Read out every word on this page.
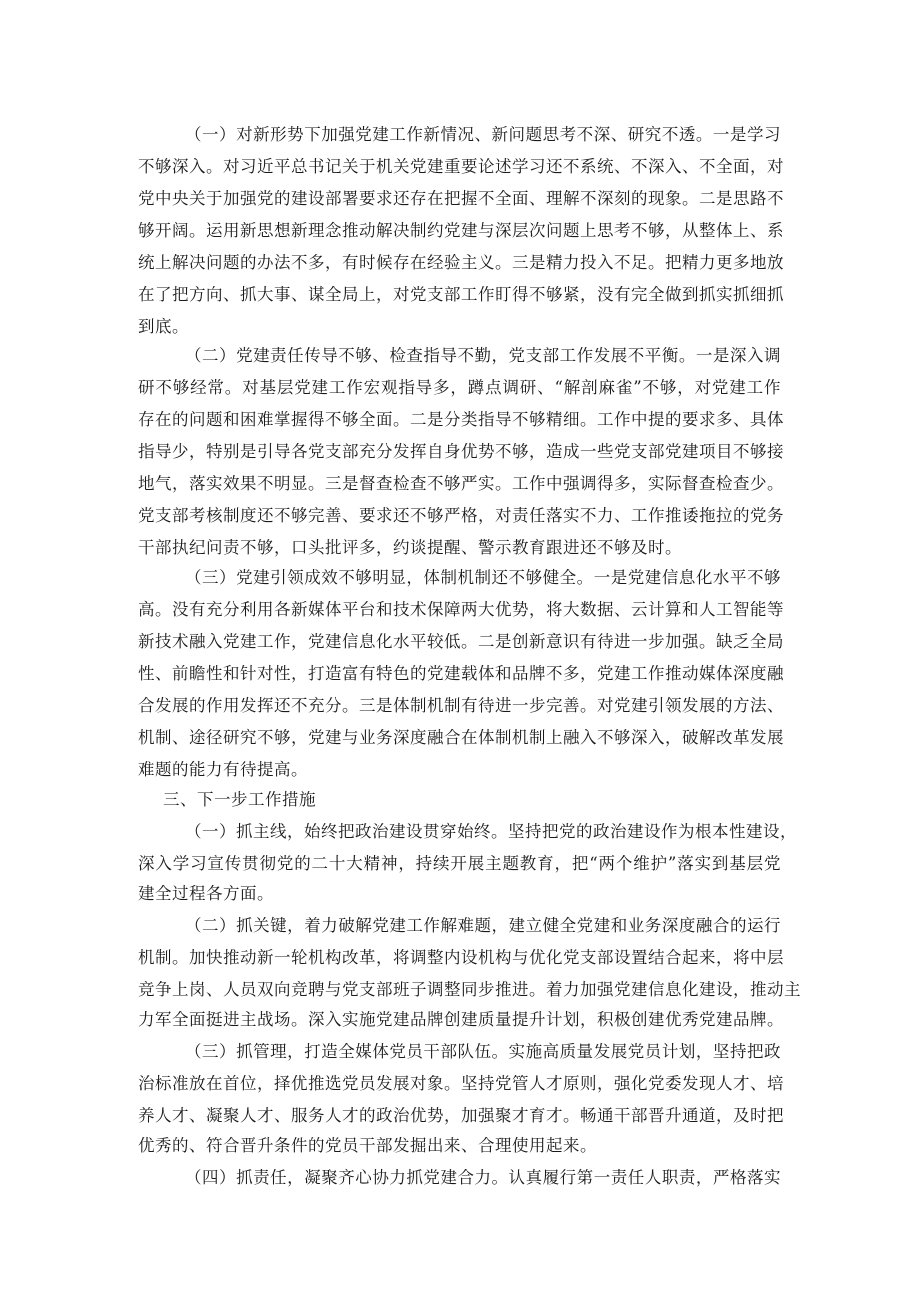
（一）对新形势下加强党建工作新情况、新问题思考不深、研究不透。一是学习

不够深入。对习近平总书记关于机关党建重要论述学习还不系统、不深入、不全面，对

党中央关于加强党的建设部署要求还存在把握不全面、理解不深刻的现象。二是思路不

够开阔。运用新思想新理念推动解决制约党建与深层次问题上思考不够，从整体上、系

统上解决问题的办法不多，有时候存在经验主义。三是精力投入不足。把精力更多地放

在了把方向、抓大事、谋全局上，对党支部工作盯得不够紧，没有完全做到抓实抓细抓

到底。

（二）党建责任传导不够、检查指导不勤，党支部工作发展不平衡。一是深入调

研不够经常。对基层党建工作宏观指导多，蹲点调研、“解剖麻雀”不够，对党建工作

存在的问题和困难掌握得不够全面。二是分类指导不够精细。工作中提的要求多、具体

指导少，特别是引导各党支部充分发挥自身优势不够，造成一些党支部党建项目不够接

地气，落实效果不明显。三是督查检查不够严实。工作中强调得多，实际督查检查少。

党支部考核制度还不够完善、要求还不够严格，对责任落实不力、工作推诿拖拉的党务

干部执纪问责不够，口头批评多，约谈提醒、警示教育跟进还不够及时。

（三）党建引领成效不够明显，体制机制还不够健全。一是党建信息化水平不够

高。没有充分利用各新媒体平台和技术保障两大优势，将大数据、云计算和人工智能等

新技术融入党建工作，党建信息化水平较低。二是创新意识有待进一步加强。缺乏全局

性、前瞻性和针对性，打造富有特色的党建载体和品牌不多，党建工作推动媒体深度融

合发展的作用发挥还不充分。三是体制机制有待进一步完善。对党建引领发展的方法、

机制、途径研究不够，党建与业务深度融合在体制机制上融入不够深入，破解改革发展

难题的能力有待提高。

三、下一步工作措施

（一）抓主线，始终把政治建设贯穿始终。坚持把党的政治建设作为根本性建设，

深入学习宣传贯彻党的二十大精神，持续开展主题教育，把“两个维护”落实到基层党

建全过程各方面。

（二）抓关键，着力破解党建工作解难题，建立健全党建和业务深度融合的运行

机制。加快推动新一轮机构改革，将调整内设机构与优化党支部设置结合起来，将中层

竞争上岗、人员双向竞聘与党支部班子调整同步推进。着力加强党建信息化建设，推动主

力军全面挺进主战场。深入实施党建品牌创建质量提升计划，积极创建优秀党建品牌。

（三）抓管理，打造全媒体党员干部队伍。实施高质量发展党员计划，坚持把政

治标准放在首位，择优推选党员发展对象。坚持党管人才原则，强化党委发现人才、培

养人才、凝聚人才、服务人才的政治优势，加强聚才育才。畅通干部晋升通道，及时把

优秀的、符合晋升条件的党员干部发掘出来、合理使用起来。

（四）抓责任，凝聚齐心协力抓党建合力。认真履行第一责任人职责，严格落实
